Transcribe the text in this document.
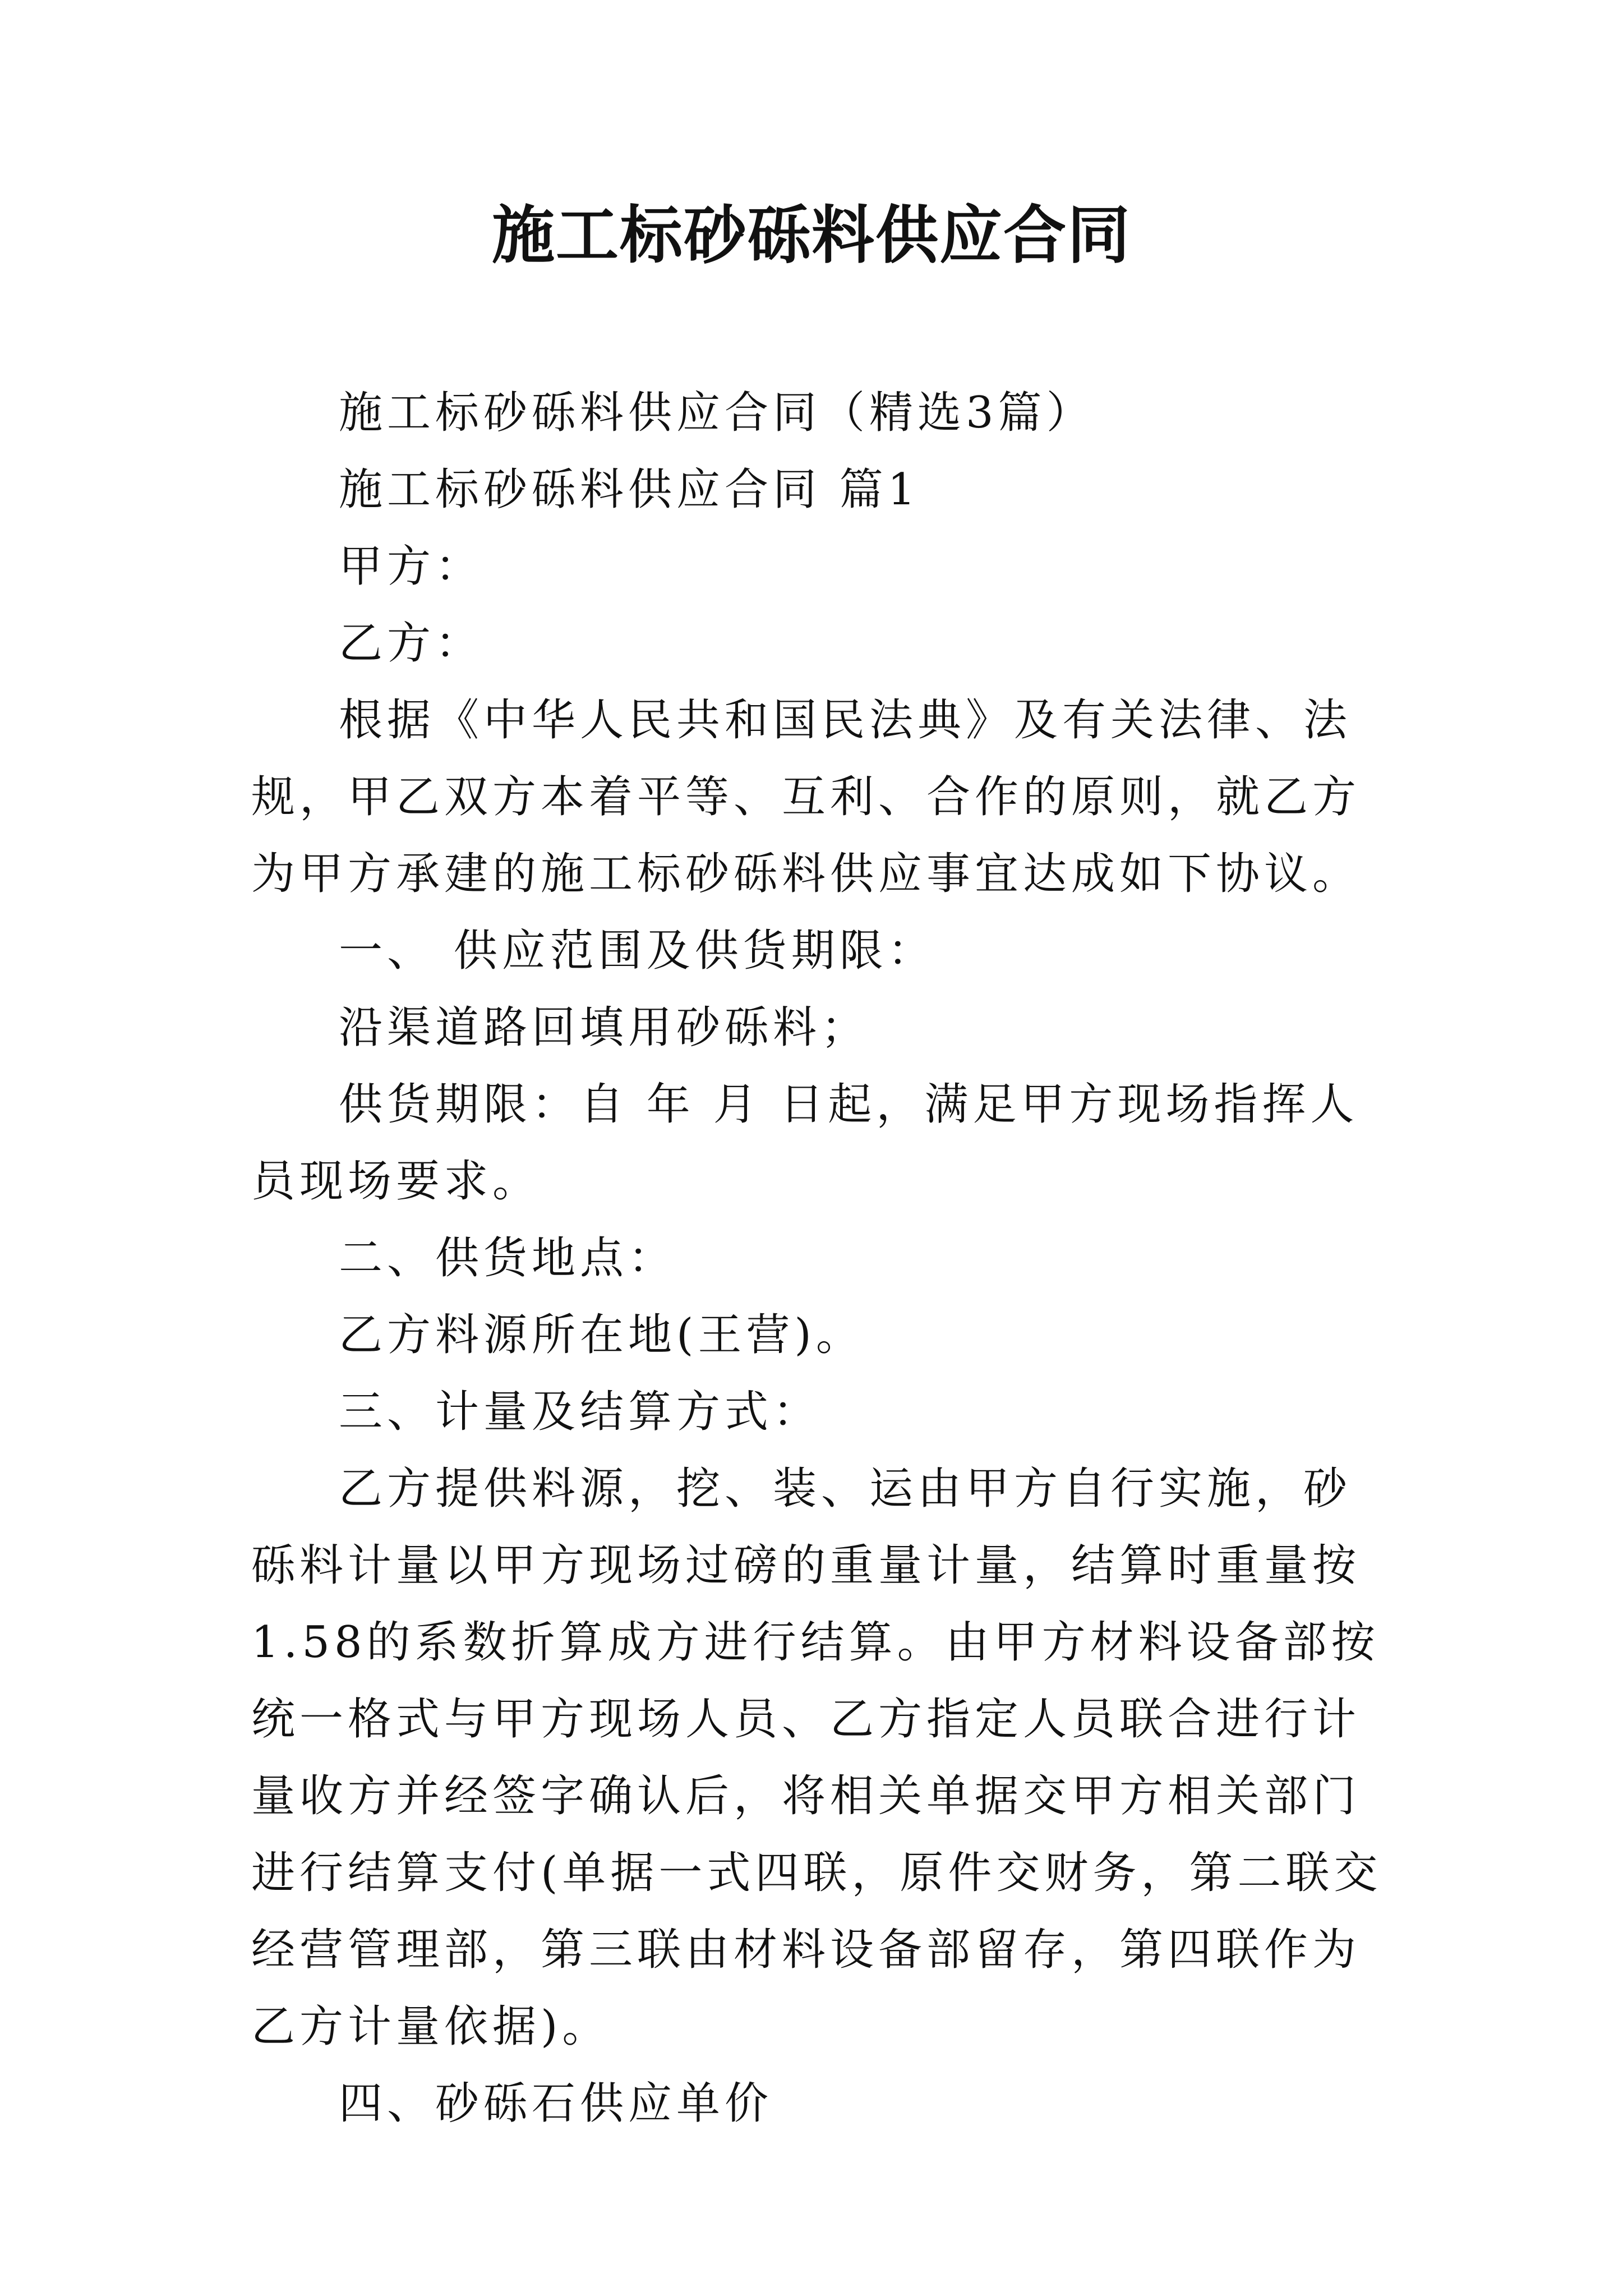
施工标砂砾料供应合同

施工标砂砾料供应合同（精选3篇）

施工标砂砾料供应合同 篇1

甲方：

乙方：

根据《中华人民共和国民法典》及有关法律、法规，甲乙双方本着平等、互利、合作的原则，就乙方为甲方承建的施工标砂砾料供应事宜达成如下协议。

一、 供应范围及供货期限：

沿渠道路回填用砂砾料；

供货期限：自 年 月 日起，满足甲方现场指挥人员现场要求。

二、供货地点：

乙方料源所在地(王营)。

三、计量及结算方式：

乙方提供料源，挖、装、运由甲方自行实施，砂砾料计量以甲方现场过磅的重量计量，结算时重量按1.58的系数折算成方进行结算。由甲方材料设备部按统一格式与甲方现场人员、乙方指定人员联合进行计量收方并经签字确认后，将相关单据交甲方相关部门进行结算支付(单据一式四联，原件交财务，第二联交经营管理部，第三联由材料设备部留存，第四联作为乙方计量依据)。

四、砂砾石供应单价
